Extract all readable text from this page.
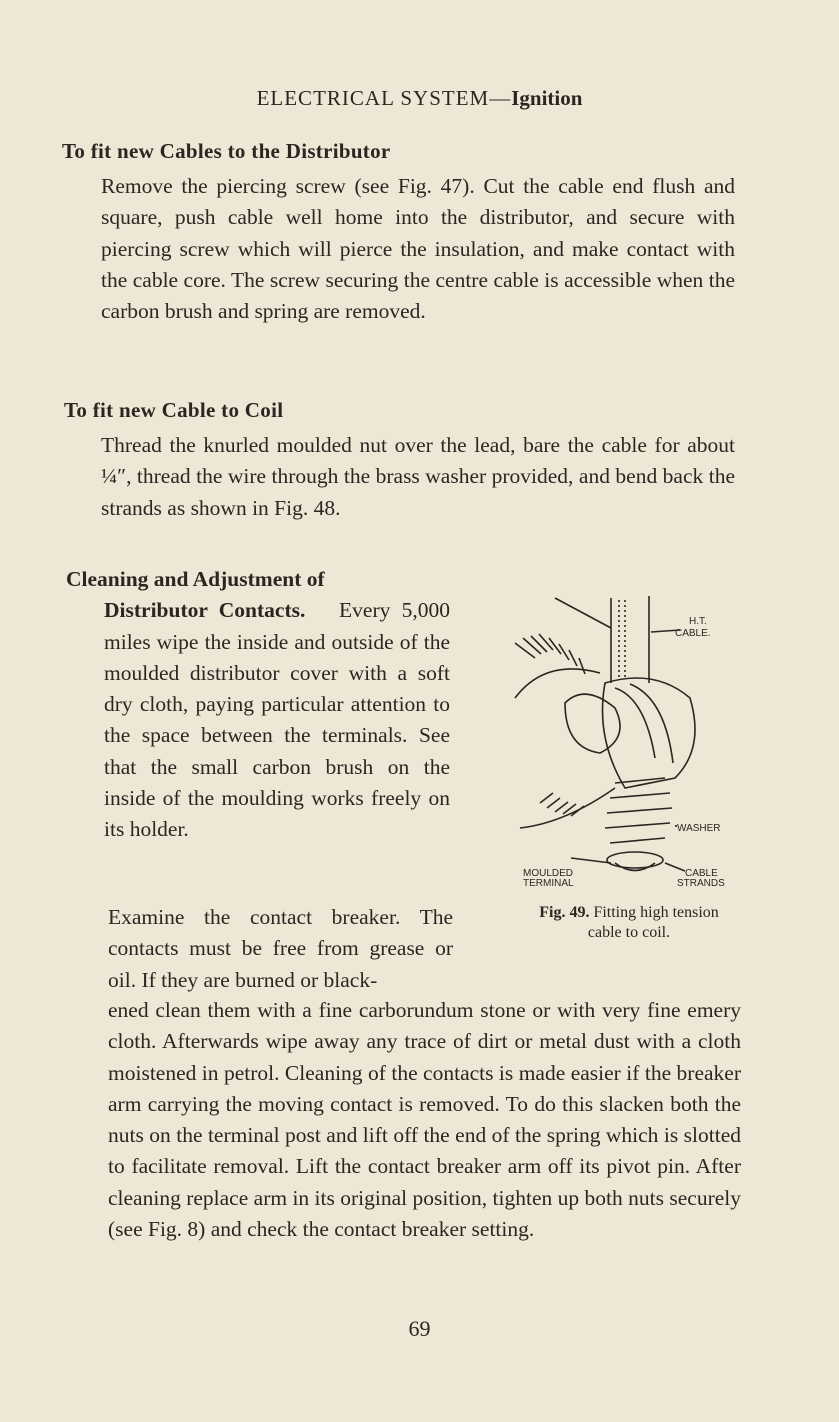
ELECTRICAL SYSTEM—Ignition
To fit new Cables to the Distributor

Remove the piercing screw (see Fig. 47). Cut the cable end flush and square, push cable well home into the distributor, and secure with piercing screw which will pierce the insulation, and make contact with the cable core. The screw securing the centre cable is accessible when the carbon brush and spring are removed.

To fit new Cable to Coil

Thread the knurled moulded nut over the lead, bare the cable for about ¼″, thread the wire through the brass washer provided, and bend back the strands as shown in Fig. 48.

Cleaning and Adjustment of
Distributor Contacts. Every 5,000 miles wipe the inside and outside of the moulded distributor cover with a soft dry cloth, paying particular attention to the space between the terminals. See that the small carbon brush on the inside of the moulding works freely on its holder.

Examine the contact breaker. The contacts must be free from grease or oil. If they are burned or black-

ened clean them with a fine carborundum stone or with very fine emery cloth. Afterwards wipe away any trace of dirt or metal dust with a cloth moistened in petrol. Cleaning of the contacts is made easier if the breaker arm carrying the moving contact is removed. To do this slacken both the nuts on the terminal post and lift off the end of the spring which is slotted to facilitate removal. Lift the contact breaker arm off its pivot pin. After cleaning replace arm in its original position, tighten up both nuts securely (see Fig. 8) and check the contact breaker setting.

H.T.
CABLE.
WASHER
MOULDED
TERMINAL
CABLE
STRANDS
Fig. 49. Fitting high tension
cable to coil.
69
